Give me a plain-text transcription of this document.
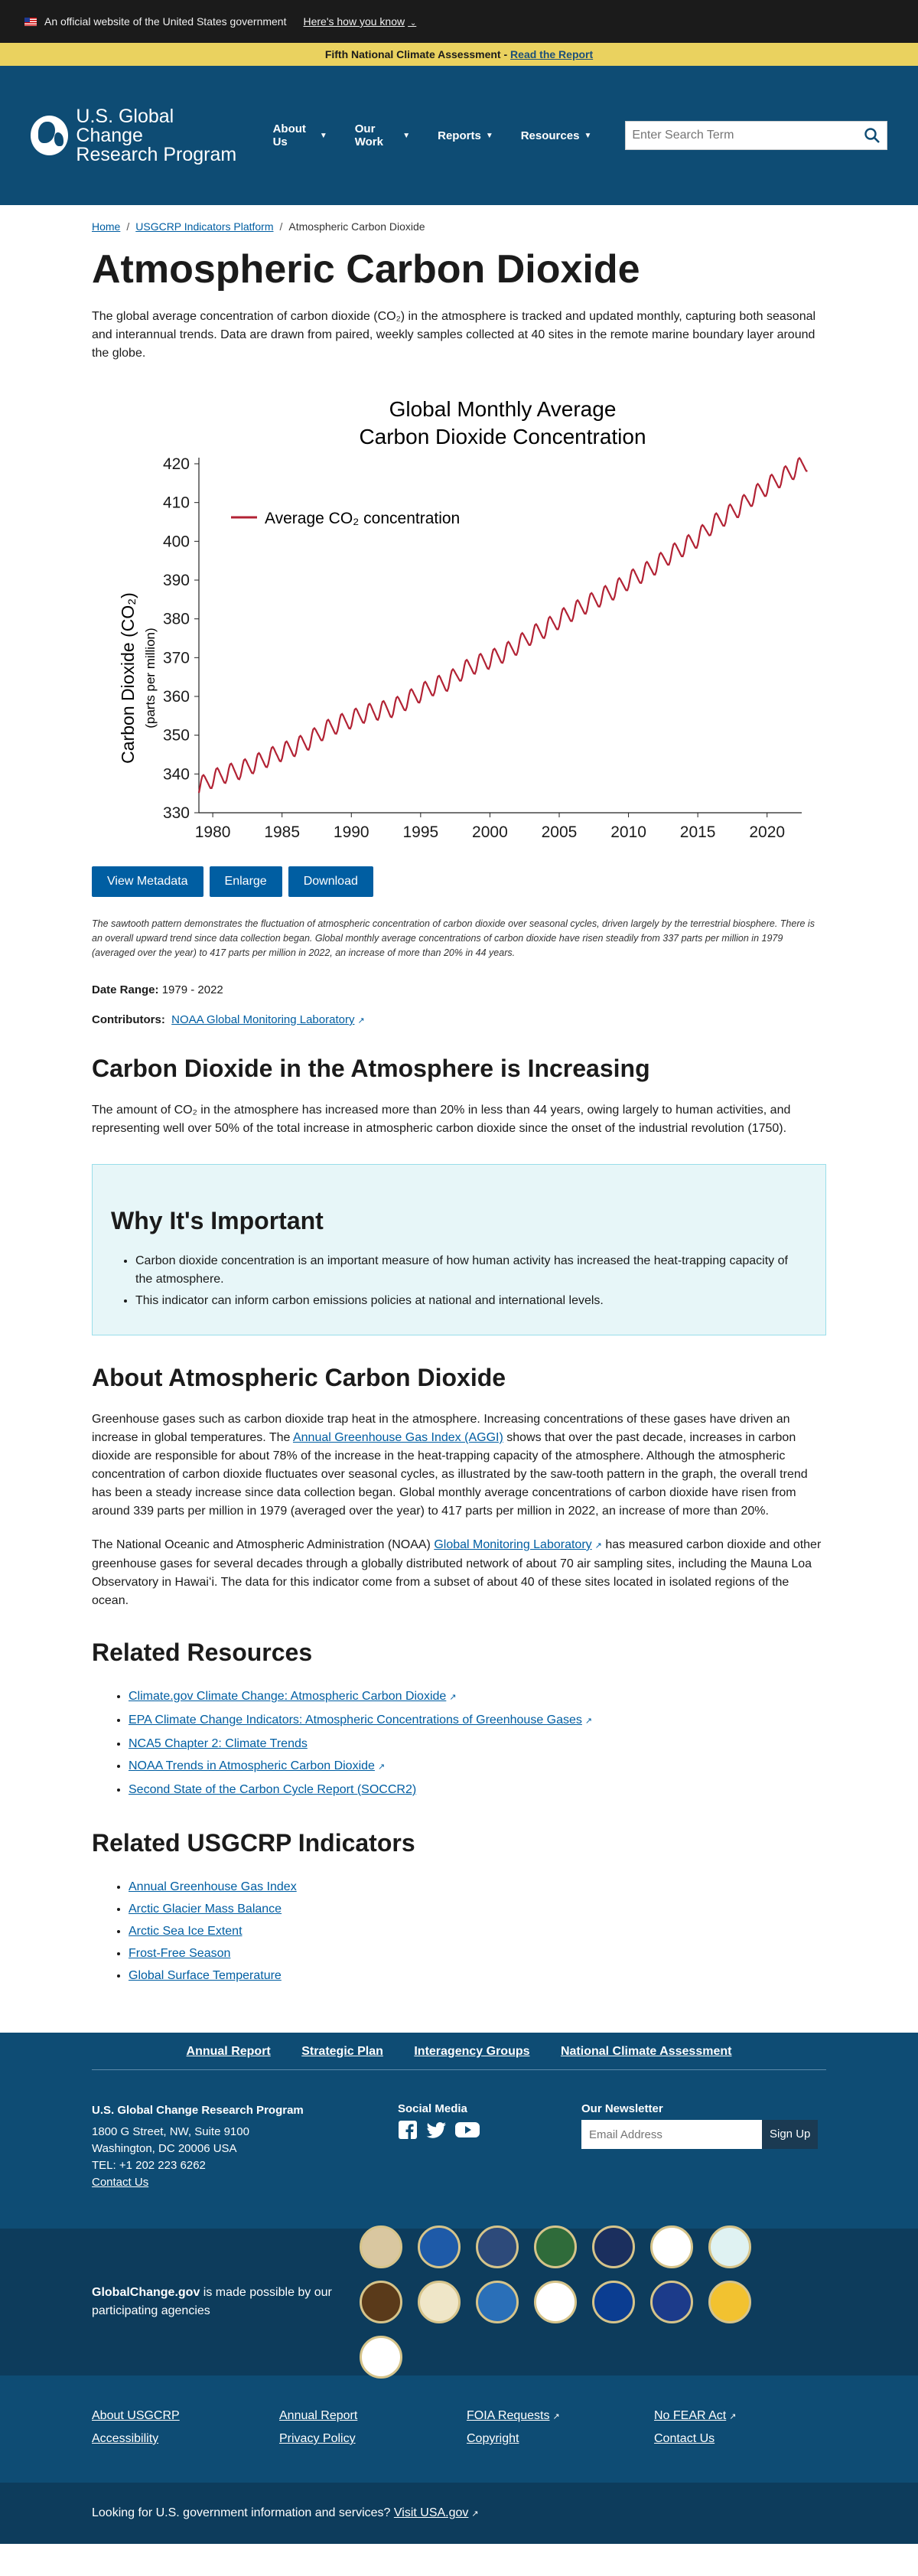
An official website of the United States government Here's how you know ⌄
Fifth National Climate Assessment - Read the Report
U.S. Global Change
Research Program
About Us	▼ Our Work	▼ Reports ▼ Resources ▼
Enter Search Term
Home / USGCRP Indicators Platform / Atmospheric Carbon Dioxide
Atmospheric Carbon Dioxide

The global average concentration of carbon dioxide (CO₂) in the atmosphere is tracked and updated monthly, capturing both seasonal and interannual trends. Data are drawn from paired, weekly samples collected at 40 sites in the remote marine boundary layer around the globe.

Global Monthly Average
Carbon Dioxide Concentration
330
340
350
360
370
380
390
400
410
420
1980 1985 1990 1995 2000 2005 2010 2015 2020
Average CO₂ concentration
Carbon Dioxide (CO₂) (parts per million)
View Metadata	Enlarge	Download

The sawtooth pattern demonstrates the fluctuation of atmospheric concentration of carbon dioxide over seasonal cycles, driven largely by the terrestrial biosphere. There is an overall upward trend since data collection began. Global monthly average concentrations of carbon dioxide have risen steadily from 337 parts per million in 1979 (averaged over the year) to 417 parts per million in 2022, an increase of more than 20% in 44 years.

Date Range: 1979 - 2022

Contributors: NOAA Global Monitoring Laboratory ↗

Carbon Dioxide in the Atmosphere is Increasing

The amount of CO₂ in the atmosphere has increased more than 20% in less than 44 years, owing largely to human activities, and representing well over 50% of the total increase in atmospheric carbon dioxide since the onset of the industrial revolution (1750).

Why It's Important
• Carbon dioxide concentration is an important measure of how human activity has increased the heat-trapping capacity of the atmosphere.
• This indicator can inform carbon emissions policies at national and international levels.
About Atmospheric Carbon Dioxide

Greenhouse gases such as carbon dioxide trap heat in the atmosphere. Increasing concentrations of these gases have driven an increase in global temperatures. The Annual Greenhouse Gas Index (AGGI) shows that over the past decade, increases in carbon dioxide are responsible for about 78% of the increase in the heat-trapping capacity of the atmosphere. Although the atmospheric concentration of carbon dioxide fluctuates over seasonal cycles, as illustrated by the saw-tooth pattern in the graph, the overall trend has been a steady increase since data collection began. Global monthly average concentrations of carbon dioxide have risen from around 339 parts per million in 1979 (averaged over the year) to 417 parts per million in 2022, an increase of more than 20%.

The National Oceanic and Atmospheric Administration (NOAA) Global Monitoring Laboratory ↗ has measured carbon dioxide and other greenhouse gases for several decades through a globally distributed network of about 70 air sampling sites, including the Mauna Loa Observatory in Hawaiʻi. The data for this indicator come from a subset of about 40 of these sites located in isolated regions of the ocean.

Related Resources
• Climate.gov Climate Change: Atmospheric Carbon Dioxide ↗
• EPA Climate Change Indicators: Atmospheric Concentrations of Greenhouse Gases ↗
• NCA5 Chapter 2: Climate Trends
• NOAA Trends in Atmospheric Carbon Dioxide ↗
• Second State of the Carbon Cycle Report (SOCCR2)
Related USGCRP Indicators
• Annual Greenhouse Gas Index
• Arctic Glacier Mass Balance
• Arctic Sea Ice Extent
• Frost-Free Season
• Global Surface Temperature
Annual Report	Strategic Plan	Interagency Groups	National Climate Assessment
U.S. Global Change Research Program
1800 G Street, NW, Suite 9100
Washington, DC 20006 USA
TEL: +1 202 223 6262
Contact Us
Social Media	Our Newsletter
Email Address
Sign Up
GlobalChange.gov is made possible by our participating agencies
About USGCRP	Annual Report	FOIA Requests ↗	No FEAR Act ↗
Accessibility	Privacy Policy	Copyright	Contact Us
Looking for U.S. government information and services? Visit USA.gov ↗
